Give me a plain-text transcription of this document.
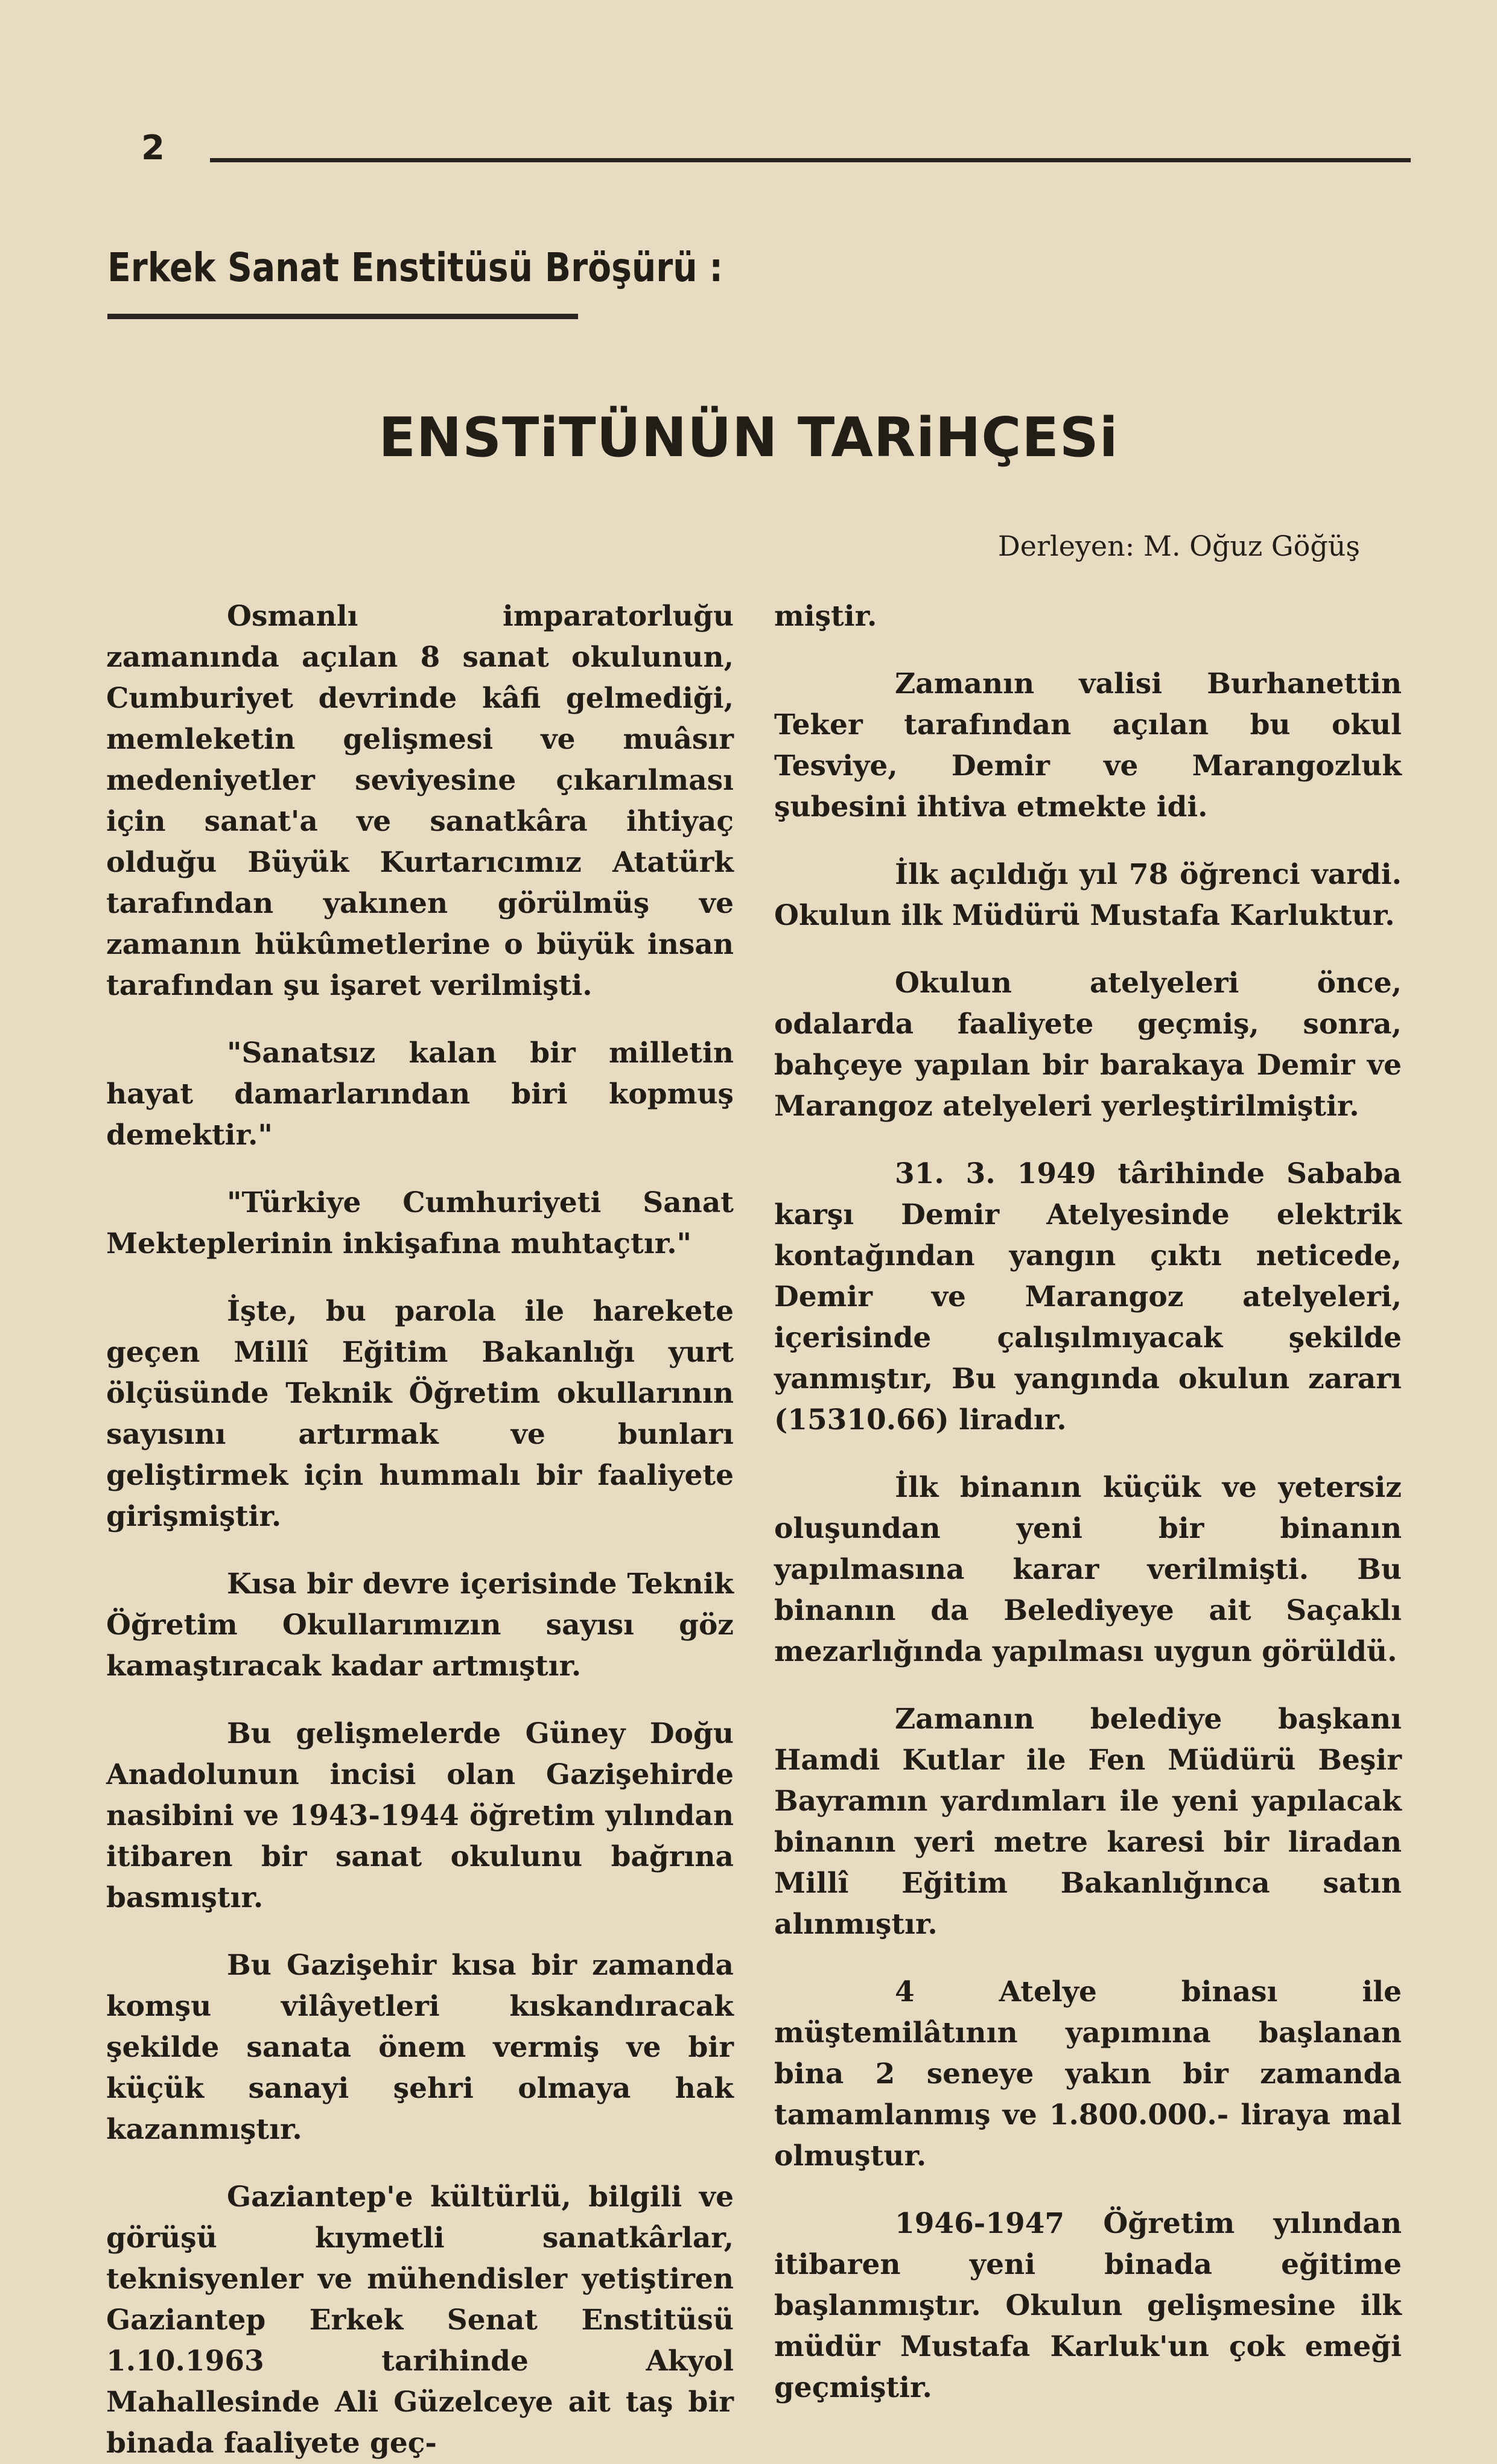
2
Erkek Sanat Enstitüsü Bröşürü :
ENSTiTÜNÜN TARiHÇESi

Derleyen: M. Oğuz Göğüş

Osmanlı imparatorluğu zamanında açılan 8 sanat okulunun, Cumburiyet devrinde kâfi gelmediği, memleketin gelişmesi ve muâsır medeniyetler seviyesine çıkarılması için sanat'a ve sanatkâra ihtiyaç olduğu Büyük Kurtarıcımız Atatürk tarafından yakınen görülmüş ve zamanın hükûmetlerine o büyük insan tarafından şu işaret verilmişti.

"Sanatsız kalan bir milletin hayat damarlarından biri kopmuş demektir."

"Türkiye Cumhuriyeti Sanat Mekteplerinin inkişafına muhtaçtır."

İşte, bu parola ile harekete geçen Millî Eğitim Bakanlığı yurt ölçüsünde Teknik Öğretim okullarının sayısını artırmak ve bunları geliştirmek için hummalı bir faaliyete girişmiştir.

Kısa bir devre içerisinde Teknik Öğretim Okullarımızın sayısı göz kamaştıracak kadar artmıştır.

Bu gelişmelerde Güney Doğu Anadolunun incisi olan Gazişehirde nasibini ve 1943-1944 öğretim yılından itibaren bir sanat okulunu bağrına basmıştır.

Bu Gazişehir kısa bir zamanda komşu vilâyetleri kıskandıracak şekilde sanata önem vermiş ve bir küçük sanayi şehri olmaya hak kazanmıştır.

Gaziantep'e kültürlü, bilgili ve görüşü kıymetli sanatkârlar, teknisyenler ve mühendisler yetiştiren Gaziantep Erkek Senat Enstitüsü 1.10.1963 tarihinde Akyol Mahallesinde Ali Güzelceye ait taş bir binada faaliyete geç-

miştir.

Zamanın valisi Burhanettin Teker tarafından açılan bu okul Tesviye, Demir ve Marangozluk şubesini ihtiva etmekte idi.

İlk açıldığı yıl 78 öğrenci vardi. Okulun ilk Müdürü Mustafa Karluktur.

Okulun atelyeleri önce, odalarda faaliyete geçmiş, sonra, bahçeye yapılan bir barakaya Demir ve Marangoz atelyeleri yerleştirilmiştir.

31. 3. 1949 târihinde Sababa karşı Demir Atelyesinde elektrik kontağından yangın çıktı neticede, Demir ve Marangoz atelyeleri, içerisinde çalışılmıyacak şekilde yanmıştır, Bu yangında okulun zararı (15310.66) liradır.

İlk binanın küçük ve yetersiz oluşundan yeni bir binanın yapılmasına karar verilmişti. Bu binanın da Belediyeye ait Saçaklı mezarlığında yapılması uygun görüldü.

Zamanın belediye başkanı Hamdi Kutlar ile Fen Müdürü Beşir Bayramın yardımları ile yeni yapılacak binanın yeri metre karesi bir liradan Millî Eğitim Bakanlığınca satın alınmıştır.

4 Atelye binası ile müştemilâtının yapımına başlanan bina 2 seneye yakın bir zamanda tamamlanmış ve 1.800.000.- liraya mal olmuştur.

1946-1947 Öğretim yılından itibaren yeni binada eğitime başlanmıştır. Okulun gelişmesine ilk müdür Mustafa Karluk'un çok emeği geçmiştir.
